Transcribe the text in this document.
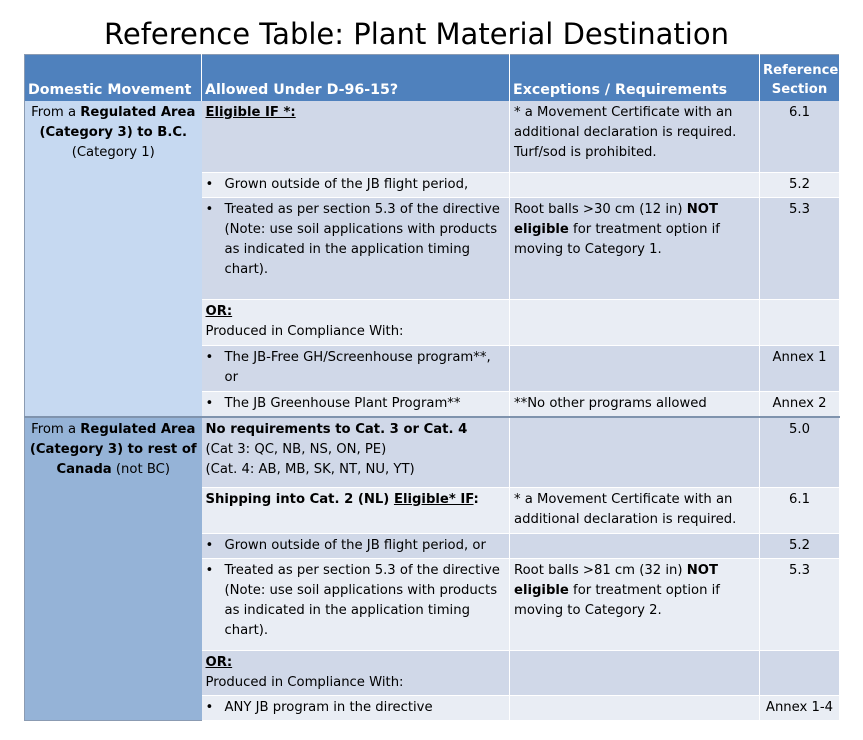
Reference Table: Plant Material Destination
Domestic Movement	Allowed Under D-96-15?	Exceptions / Requirements	Reference Section
From a Regulated Area (Category 3) to B.C.
(Category 1)	Eligible IF *:	* a Movement Certificate with an additional declaration is required. Turf/sod is prohibited.	6.1

	• Grown outside of the JB flight period,		5.2

	• Treated as per section 5.3 of the directive (Note: use soil applications with products as indicated in the application timing chart).	Root balls >30 cm (12 in) NOT eligible for treatment option if moving to Category 1.	5.3
	OR:
Produced in Compliance With:		

	• The JB-Free GH/Screenhouse program**, or		Annex 1

	• The JB Greenhouse Plant Program**	**No other programs allowed	Annex 2
From a Regulated Area (Category 3) to rest of Canada (not BC)	No requirements to Cat. 3 or Cat. 4
(Cat 3: QC, NB, NS, ON, PE)
(Cat. 4: AB, MB, SK, NT, NU, YT)		5.0
	Shipping into Cat. 2 (NL) Eligible* IF:	* a Movement Certificate with an additional declaration is required.	6.1

	• Grown outside of the JB flight period, or		5.2

	• Treated as per section 5.3 of the directive (Note: use soil applications with products as indicated in the application timing chart).	Root balls >81 cm (32 in) NOT eligible for treatment option if moving to Category 2.	5.3
	OR:
Produced in Compliance With:		

	• ANY JB program in the directive		Annex 1-4
